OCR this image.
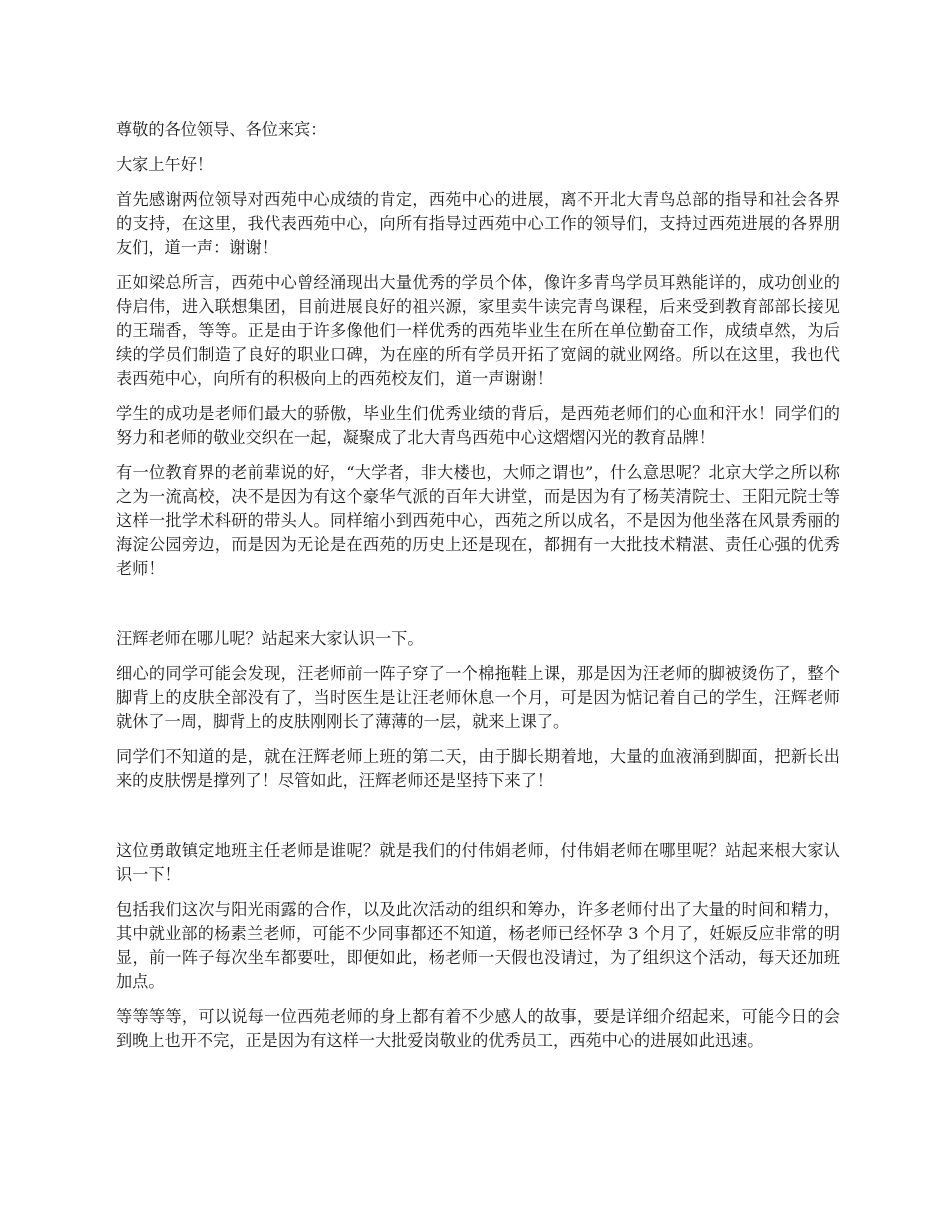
尊敬的各位领导、各位来宾：

大家上午好！

首先感谢两位领导对西苑中心成绩的肯定，西苑中心的进展，离不开北大青鸟总部的指导和社会各界的支持，在这里，我代表西苑中心，向所有指导过西苑中心工作的领导们，支持过西苑进展的各界朋友们，道一声：谢谢！

正如梁总所言，西苑中心曾经涌现出大量优秀的学员个体，像许多青鸟学员耳熟能详的，成功创业的侍启伟，进入联想集团，目前进展良好的祖兴源，家里卖牛读完青鸟课程，后来受到教育部部长接见的王瑞香，等等。正是由于许多像他们一样优秀的西苑毕业生在所在单位勤奋工作，成绩卓然，为后续的学员们制造了良好的职业口碑，为在座的所有学员开拓了宽阔的就业网络。所以在这里，我也代表西苑中心，向所有的积极向上的西苑校友们，道一声谢谢！

学生的成功是老师们最大的骄傲，毕业生们优秀业绩的背后，是西苑老师们的心血和汗水！同学们的努力和老师的敬业交织在一起，凝聚成了北大青鸟西苑中心这熠熠闪光的教育品牌！

有一位教育界的老前辈说的好，“大学者，非大楼也，大师之谓也”，什么意思呢？北京大学之所以称之为一流高校，决不是因为有这个豪华气派的百年大讲堂，而是因为有了杨芙清院士、王阳元院士等这样一批学术科研的带头人。同样缩小到西苑中心，西苑之所以成名，不是因为他坐落在风景秀丽的海淀公园旁边，而是因为无论是在西苑的历史上还是现在，都拥有一大批技术精湛、责任心强的优秀老师！

汪辉老师在哪儿呢？站起来大家认识一下。

细心的同学可能会发现，汪老师前一阵子穿了一个棉拖鞋上课，那是因为汪老师的脚被烫伤了，整个脚背上的皮肤全部没有了，当时医生是让汪老师休息一个月，可是因为惦记着自己的学生，汪辉老师就休了一周，脚背上的皮肤刚刚长了薄薄的一层，就来上课了。

同学们不知道的是，就在汪辉老师上班的第二天，由于脚长期着地，大量的血液涌到脚面，把新长出来的皮肤愣是撑列了！尽管如此，汪辉老师还是坚持下来了！

这位勇敢镇定地班主任老师是谁呢？就是我们的付伟娟老师，付伟娟老师在哪里呢？站起来根大家认识一下！

包括我们这次与阳光雨露的合作，以及此次活动的组织和筹办，许多老师付出了大量的时间和精力，其中就业部的杨素兰老师，可能不少同事都还不知道，杨老师已经怀孕 3 个月了，妊娠反应非常的明显，前一阵子每次坐车都要吐，即便如此，杨老师一天假也没请过，为了组织这个活动，每天还加班加点。

等等等等，可以说每一位西苑老师的身上都有着不少感人的故事，要是详细介绍起来，可能今日的会到晚上也开不完，正是因为有这样一大批爱岗敬业的优秀员工，西苑中心的进展如此迅速。
